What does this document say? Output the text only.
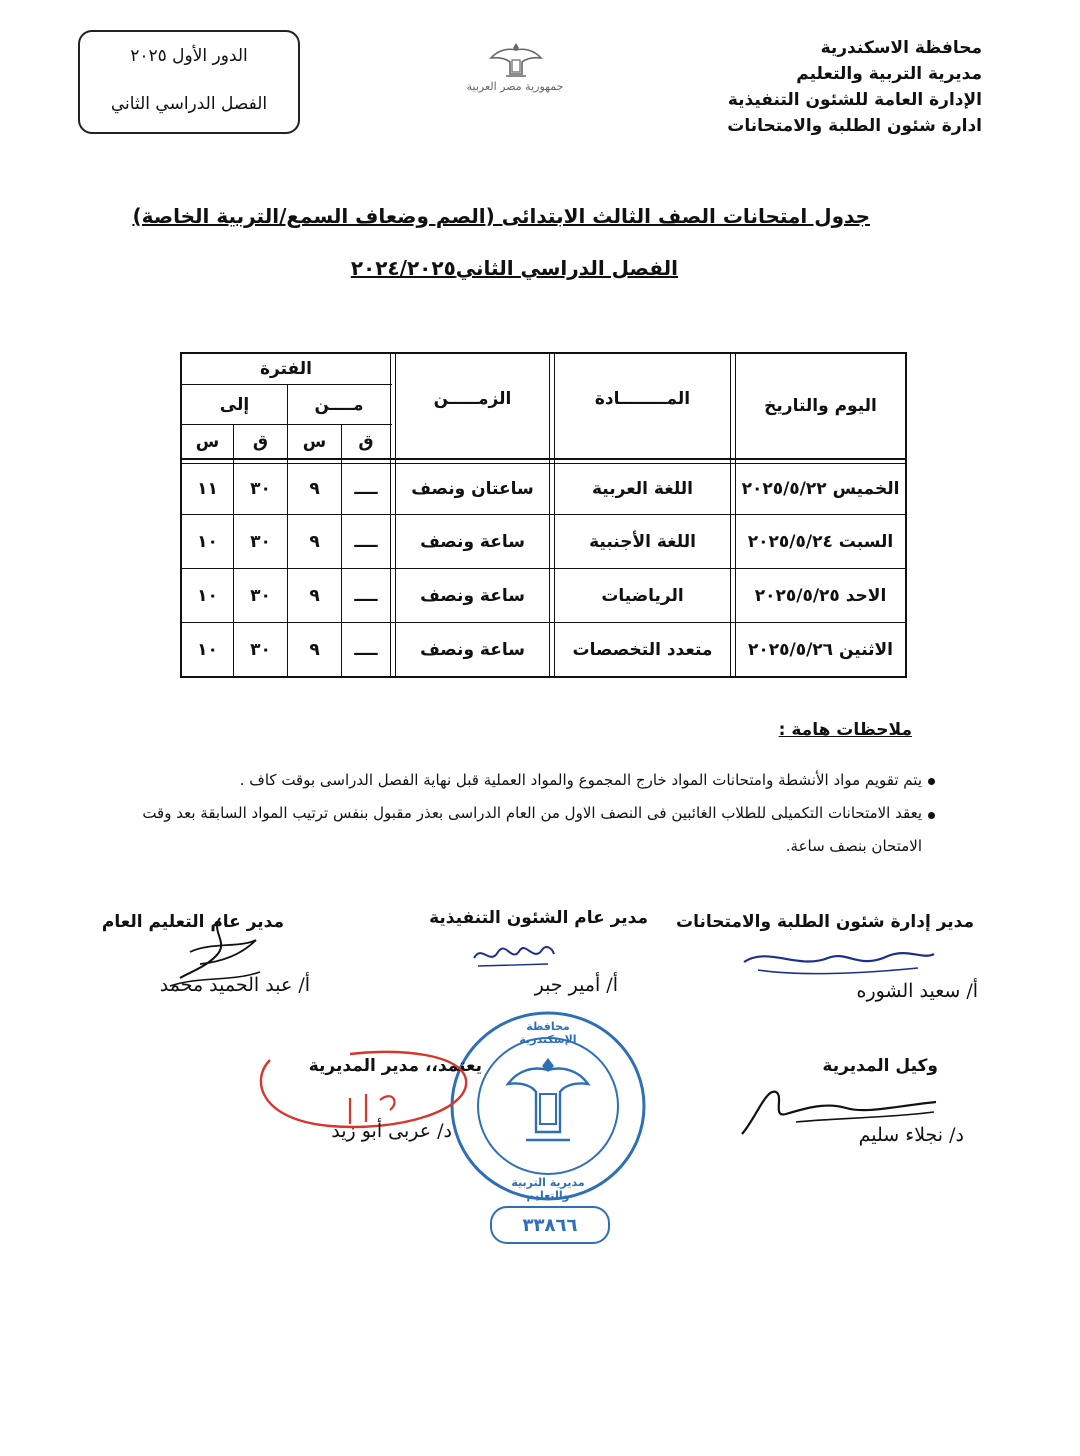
محافظة الاسكندرية
مديرية التربية والتعليم
الإدارة العامة للشئون التنفيذية
ادارة شئون الطلبة والامتحانات
جمهورية مصر العربية
الدور الأول ٢٠٢٥
الفصل الدراسي الثاني
جدول امتحانات الصف الثالث الابتدائى (الصم وضعاف السمع/التربية الخاصة)
الفصل الدراسي الثاني٢٠٢٤/٢٠٢٥
اليوم والتاريخ
المــــــــادة
الزمـــــن
الفترة
مــــن
إلى
ق
س
ق
س
الخميس ٢٠٢٥/٥/٢٢
اللغة العربية
ساعتان ونصف
ــــ
٩
٣٠
١١
السبت ٢٠٢٥/٥/٢٤
اللغة الأجنبية
ساعة ونصف
ــــ
٩
٣٠
١٠
الاحد ٢٠٢٥/٥/٢٥
الرياضيات
ساعة ونصف
ــــ
٩
٣٠
١٠
الاثنين ٢٠٢٥/٥/٢٦
متعدد التخصصات
ساعة ونصف
ــــ
٩
٣٠
١٠
ملاحظات هامة :
يتم تقويم مواد الأنشطة وامتحانات المواد خارج المجموع والمواد العملية قبل نهاية الفصل الدراسى بوقت كاف .
يعقد الامتحانات التكميلى للطلاب الغائبين فى النصف الاول من العام الدراسى بعذر مقبول بنفس ترتيب المواد السابقة بعد وقت الامتحان بنصف ساعة.
مدير إدارة شئون الطلبة والامتحانات
مدير عام الشئون التنفيذية
مدير عام التعليم العام
أ/ سعيد الشوره
أ/ أمير جبر
أ/ عبد الحميد محمد
محافظة الإسكندرية
مديرية التربية والتعليم
٣٣٨٦٦
وكيل المديرية
يعتمد،، مدير المديرية
د/ نجلاء سليم
د/ عربى أبو زيد
